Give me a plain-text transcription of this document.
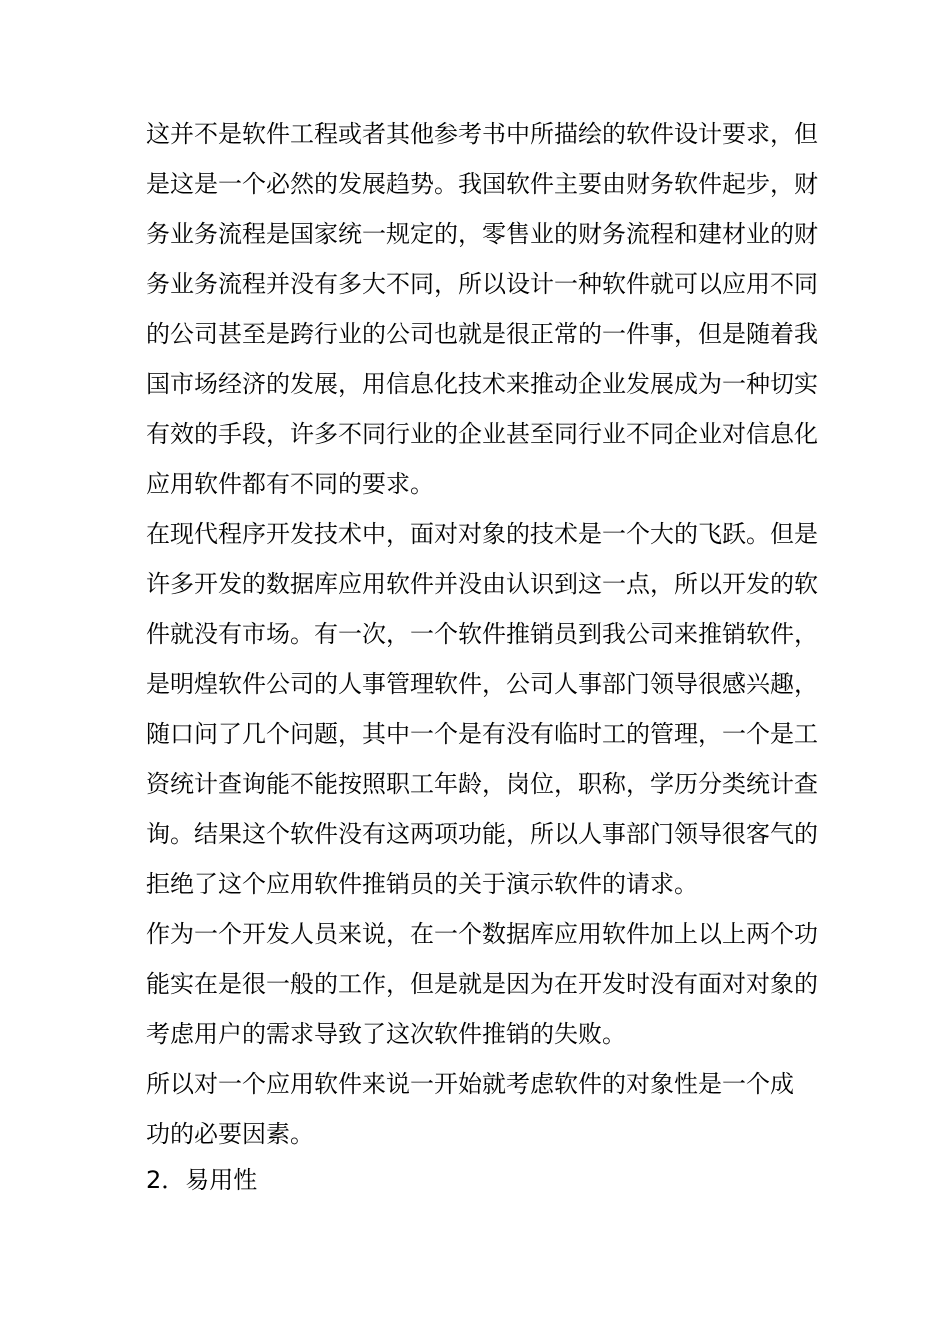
这并不是软件工程或者其他参考书中所描绘的软件设计要求，但
是这是一个必然的发展趋势。我国软件主要由财务软件起步，财
务业务流程是国家统一规定的，零售业的财务流程和建材业的财
务业务流程并没有多大不同，所以设计一种软件就可以应用不同
的公司甚至是跨行业的公司也就是很正常的一件事，但是随着我
国市场经济的发展，用信息化技术来推动企业发展成为一种切实
有效的手段，许多不同行业的企业甚至同行业不同企业对信息化
应用软件都有不同的要求。
在现代程序开发技术中，面对对象的技术是一个大的飞跃。但是
许多开发的数据库应用软件并没由认识到这一点，所以开发的软
件就没有市场。有一次，一个软件推销员到我公司来推销软件，
是明煌软件公司的人事管理软件，公司人事部门领导很感兴趣，
随口问了几个问题，其中一个是有没有临时工的管理，一个是工
资统计查询能不能按照职工年龄，岗位，职称，学历分类统计查
询。结果这个软件没有这两项功能，所以人事部门领导很客气的
拒绝了这个应用软件推销员的关于演示软件的请求。
作为一个开发人员来说，在一个数据库应用软件加上以上两个功
能实在是很一般的工作，但是就是因为在开发时没有面对对象的
考虑用户的需求导致了这次软件推销的失败。
所以对一个应用软件来说一开始就考虑软件的对象性是一个成
功的必要因素。
2．易用性
